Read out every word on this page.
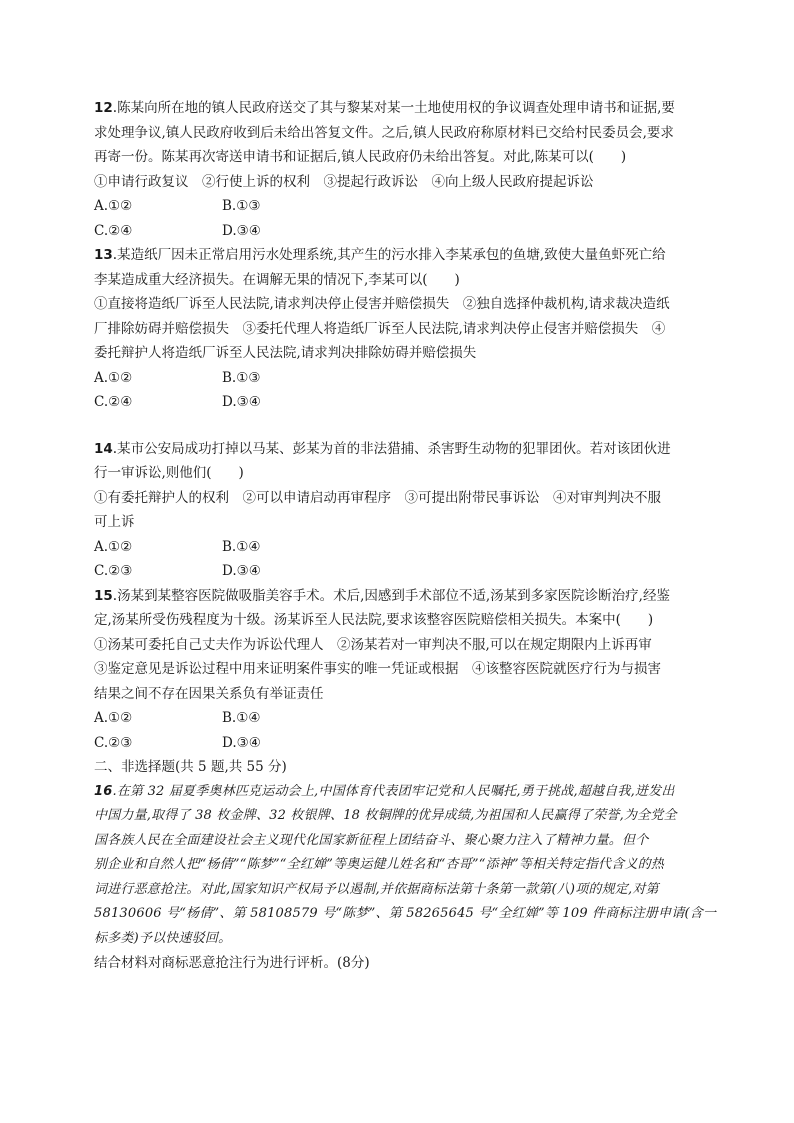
12.陈某向所在地的镇人民政府送交了其与黎某对某一土地使用权的争议调查处理申请书和证据,要
求处理争议,镇人民政府收到后未给出答复文件。之后,镇人民政府称原材料已交给村民委员会,要求
再寄一份。陈某再次寄送申请书和证据后,镇人民政府仍未给出答复。对此,陈某可以(　　)
①申请行政复议　②行使上诉的权利　③提起行政诉讼　④向上级人民政府提起诉讼
A.①②	B.①③
C.②④	D.③④
13.某造纸厂因未正常启用污水处理系统,其产生的污水排入李某承包的鱼塘,致使大量鱼虾死亡给
李某造成重大经济损失。在调解无果的情况下,李某可以(　　)
①直接将造纸厂诉至人民法院,请求判决停止侵害并赔偿损失　②独自选择仲裁机构,请求裁决造纸
厂排除妨碍并赔偿损失　③委托代理人将造纸厂诉至人民法院,请求判决停止侵害并赔偿损失　④
委托辩护人将造纸厂诉至人民法院,请求判决排除妨碍并赔偿损失
A.①②	B.①③
C.②④	D.③④
14.某市公安局成功打掉以马某、彭某为首的非法猎捕、杀害野生动物的犯罪团伙。若对该团伙进
行一审诉讼,则他们(　　)
①有委托辩护人的权利　②可以申请启动再审程序　③可提出附带民事诉讼　④对审判判决不服
可上诉
A.①②	B.①④
C.②③	D.③④
15.汤某到某整容医院做吸脂美容手术。术后,因感到手术部位不适,汤某到多家医院诊断治疗,经鉴
定,汤某所受伤残程度为十级。汤某诉至人民法院,要求该整容医院赔偿相关损失。本案中(　　)
①汤某可委托自己丈夫作为诉讼代理人　②汤某若对一审判决不服,可以在规定期限内上诉再审
③鉴定意见是诉讼过程中用来证明案件事实的唯一凭证或根据　④该整容医院就医疗行为与损害
结果之间不存在因果关系负有举证责任
A.①②	B.①④
C.②③	D.③④
二、非选择题(共 5 题,共 55 分)
16.在第 32 届夏季奥林匹克运动会上,中国体育代表团牢记党和人民嘱托,勇于挑战,超越自我,迸发出
中国力量,取得了 38 枚金牌、32 枚银牌、18 枚铜牌的优异成绩,为祖国和人民赢得了荣誉,为全党全
国各族人民在全面建设社会主义现代化国家新征程上团结奋斗、聚心聚力注入了精神力量。但个
别企业和自然人把“杨倩”“陈梦”“全红婵”等奥运健儿姓名和“杏哥”“添神”等相关特定指代含义的热
词进行恶意抢注。对此,国家知识产权局予以遏制,并依据商标法第十条第一款第(八)项的规定,对第
58130606 号“杨倩”、第 58108579 号“陈梦”、第 58265645 号“全红婵”等 109 件商标注册申请(含一
标多类)予以快速驳回。
结合材料对商标恶意抢注行为进行评析。(8分)
